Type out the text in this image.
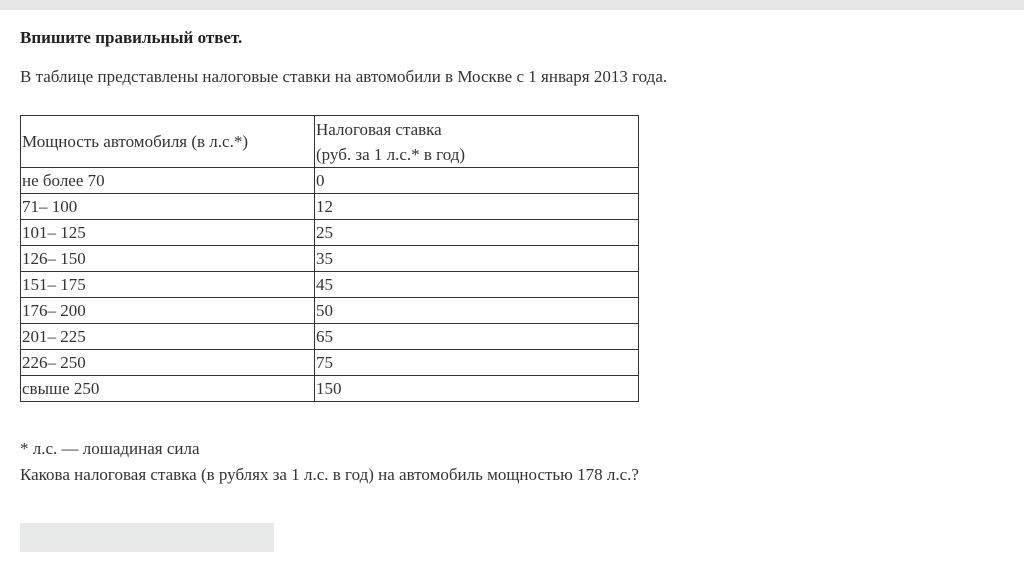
Впишите правильный ответ.
В таблице представлены налоговые ставки на автомобили в Москве с 1 января 2013 года.
Мощность автомобиля (в л.с.*)	Налоговая ставка
(руб. за 1 л.с.* в год)

не более 70	0
71– 100	12
101– 125	25
126– 150	35
151– 175	45
176– 200	50
201– 225	65
226– 250	75
свыше 250	150
* л.с. — лошадиная сила
Какова налоговая ставка (в рублях за 1 л.с. в год) на автомобиль мощностью 178 л.с.?
